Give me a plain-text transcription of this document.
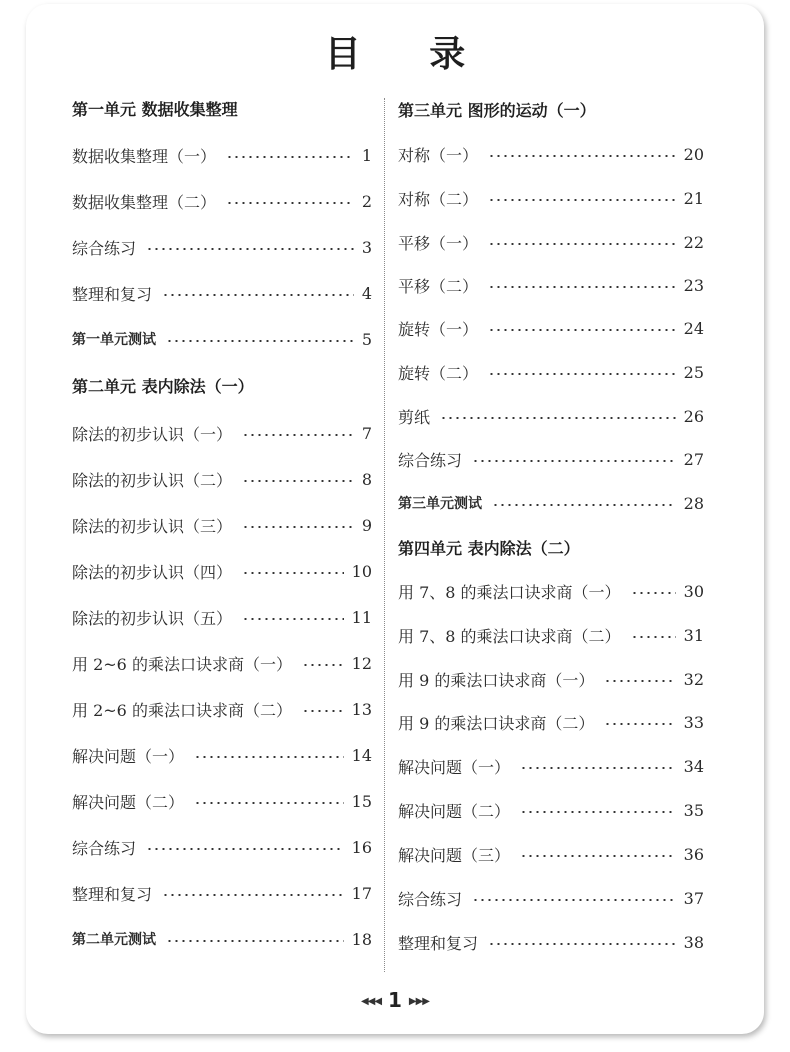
目 录
第一单元 数据收集整理
数据收集整理（一）	1
数据收集整理（二）	2
综合练习	3
整理和复习	4
第一单元测试	5
第二单元 表内除法（一）
除法的初步认识（一）	7
除法的初步认识（二）	8
除法的初步认识（三）	9
除法的初步认识（四）	10
除法的初步认识（五）	11
用 2~6 的乘法口诀求商（一）	12
用 2~6 的乘法口诀求商（二）	13
解决问题（一）	14
解决问题（二）	15
综合练习	16
整理和复习	17
第二单元测试	18
第三单元 图形的运动（一）
对称（一）	20
对称（二）	21
平移（一）	22
平移（二）	23
旋转（一）	24
旋转（二）	25
剪纸	26
综合练习	27
第三单元测试	28
第四单元 表内除法（二）
用 7、8 的乘法口诀求商（一）	30
用 7、8 的乘法口诀求商（二）	31
用 9 的乘法口诀求商（一）	32
用 9 的乘法口诀求商（二）	33
解决问题（一）	34
解决问题（二）	35
解决问题（三）	36
综合练习	37
整理和复习	38
◀◀◀ 1 ▶▶▶
